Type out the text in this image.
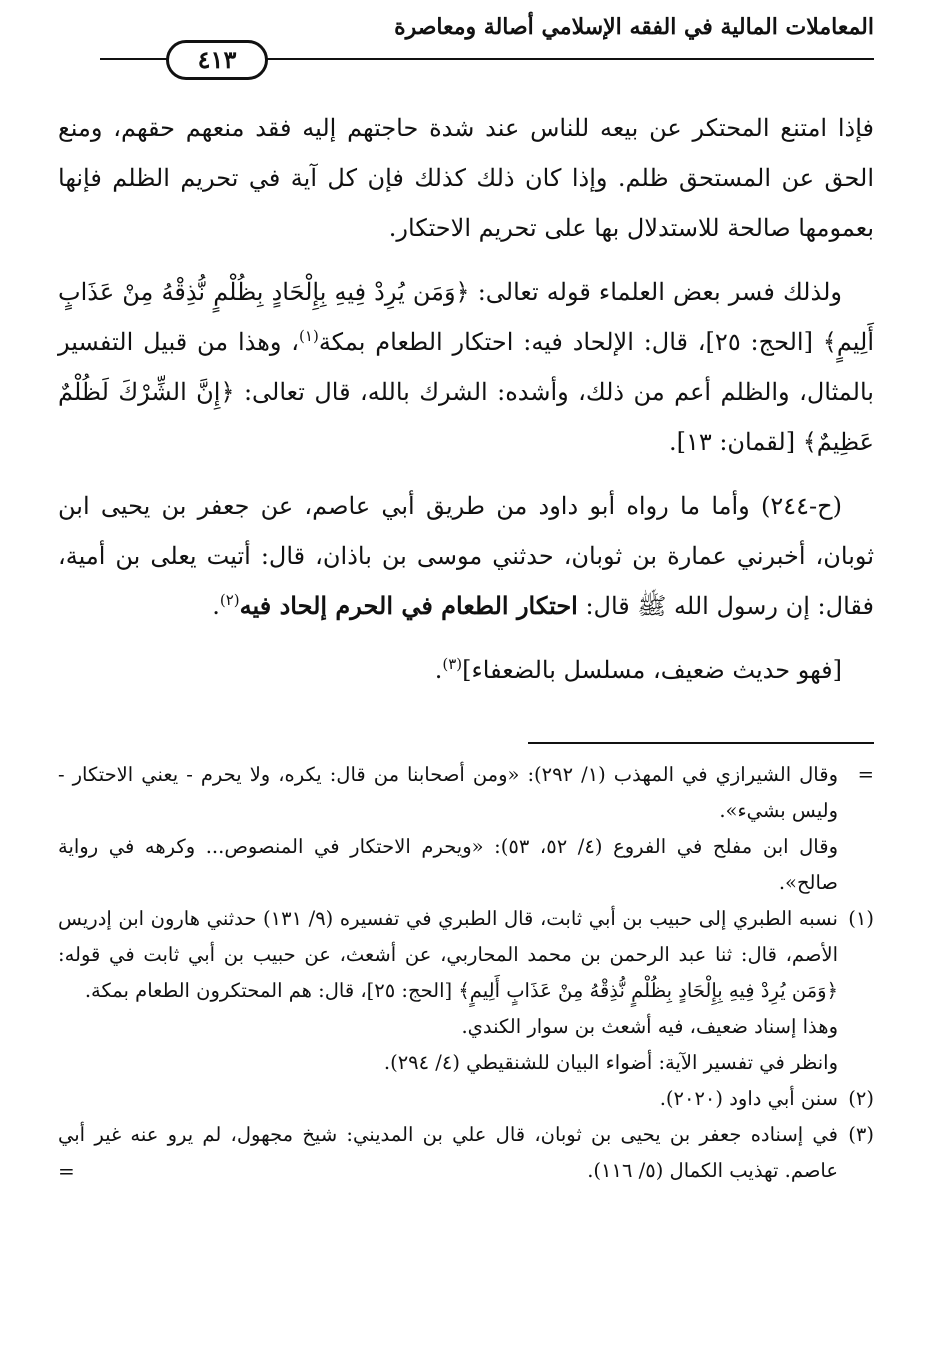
المعاملات المالية في الفقه الإسلامي أصالة ومعاصرة
٤١٣

فإذا امتنع المحتكر عن بيعه للناس عند شدة حاجتهم إليه فقد منعهم حقهم، ومنع الحق عن المستحق ظلم. وإذا كان ذلك كذلك فإن كل آية في تحريم الظلم فإنها بعمومها صالحة للاستدلال بها على تحريم الاحتكار.

ولذلك فسر بعض العلماء قوله تعالى: ﴿وَمَن يُرِدْ فِيهِ بِإِلْحَادٍ بِظُلْمٍ نُّذِقْهُ مِنْ عَذَابٍ أَلِيمٍ﴾ [الحج: ٢٥]، قال: الإلحاد فيه: احتكار الطعام بمكة$^{(١)}$، وهذا من قبيل التفسير بالمثال، والظلم أعم من ذلك، وأشده: الشرك بالله، قال تعالى: ﴿إِنَّ الشِّرْكَ لَظُلْمٌ عَظِيمٌ﴾ [لقمان: ١٣].

(ح-٢٤٤) وأما ما رواه أبو داود من طريق أبي عاصم، عن جعفر بن يحيى ابن ثوبان، أخبرني عمارة بن ثوبان، حدثني موسى بن باذان، قال: أتيت يعلى بن أمية، فقال: إن رسول الله ﷺ قال: احتكار الطعام في الحرم إلحاد فيه$^{(٢)}$.

[فهو حديث ضعيف، مسلسل بالضعفاء]$^{(٣)}$.

=

وقال الشيرازي في المهذب (١/ ٢٩٢): «ومن أصحابنا من قال: يكره، ولا يحرم - يعني الاحتكار - وليس بشيء».

وقال ابن مفلح في الفروع (٤/ ٥٢، ٥٣): «ويحرم الاحتكار في المنصوص... وكرهه في رواية صالح».

(١)

نسبه الطبري إلى حبيب بن أبي ثابت، قال الطبري في تفسيره (٩/ ١٣١) حدثني هارون ابن إدريس الأصم، قال: ثنا عبد الرحمن بن محمد المحاربي، عن أشعث، عن حبيب بن أبي ثابت في قوله: ﴿وَمَن يُرِدْ فِيهِ بِإِلْحَادٍ بِظُلْمٍ نُّذِقْهُ مِنْ عَذَابٍ أَلِيمٍ﴾ [الحج: ٢٥]، قال: هم المحتكرون الطعام بمكة.

وهذا إسناد ضعيف، فيه أشعث بن سوار الكندي.

وانظر في تفسير الآية: أضواء البيان للشنقيطي (٤/ ٢٩٤).

(٢)

سنن أبي داود (٢٠٢٠).

(٣)

في إسناده جعفر بن يحيى بن ثوبان، قال علي بن المديني: شيخ مجهول، لم يرو عنه غير أبي عاصم. تهذيب الكمال (٥/ ١١٦).

=
